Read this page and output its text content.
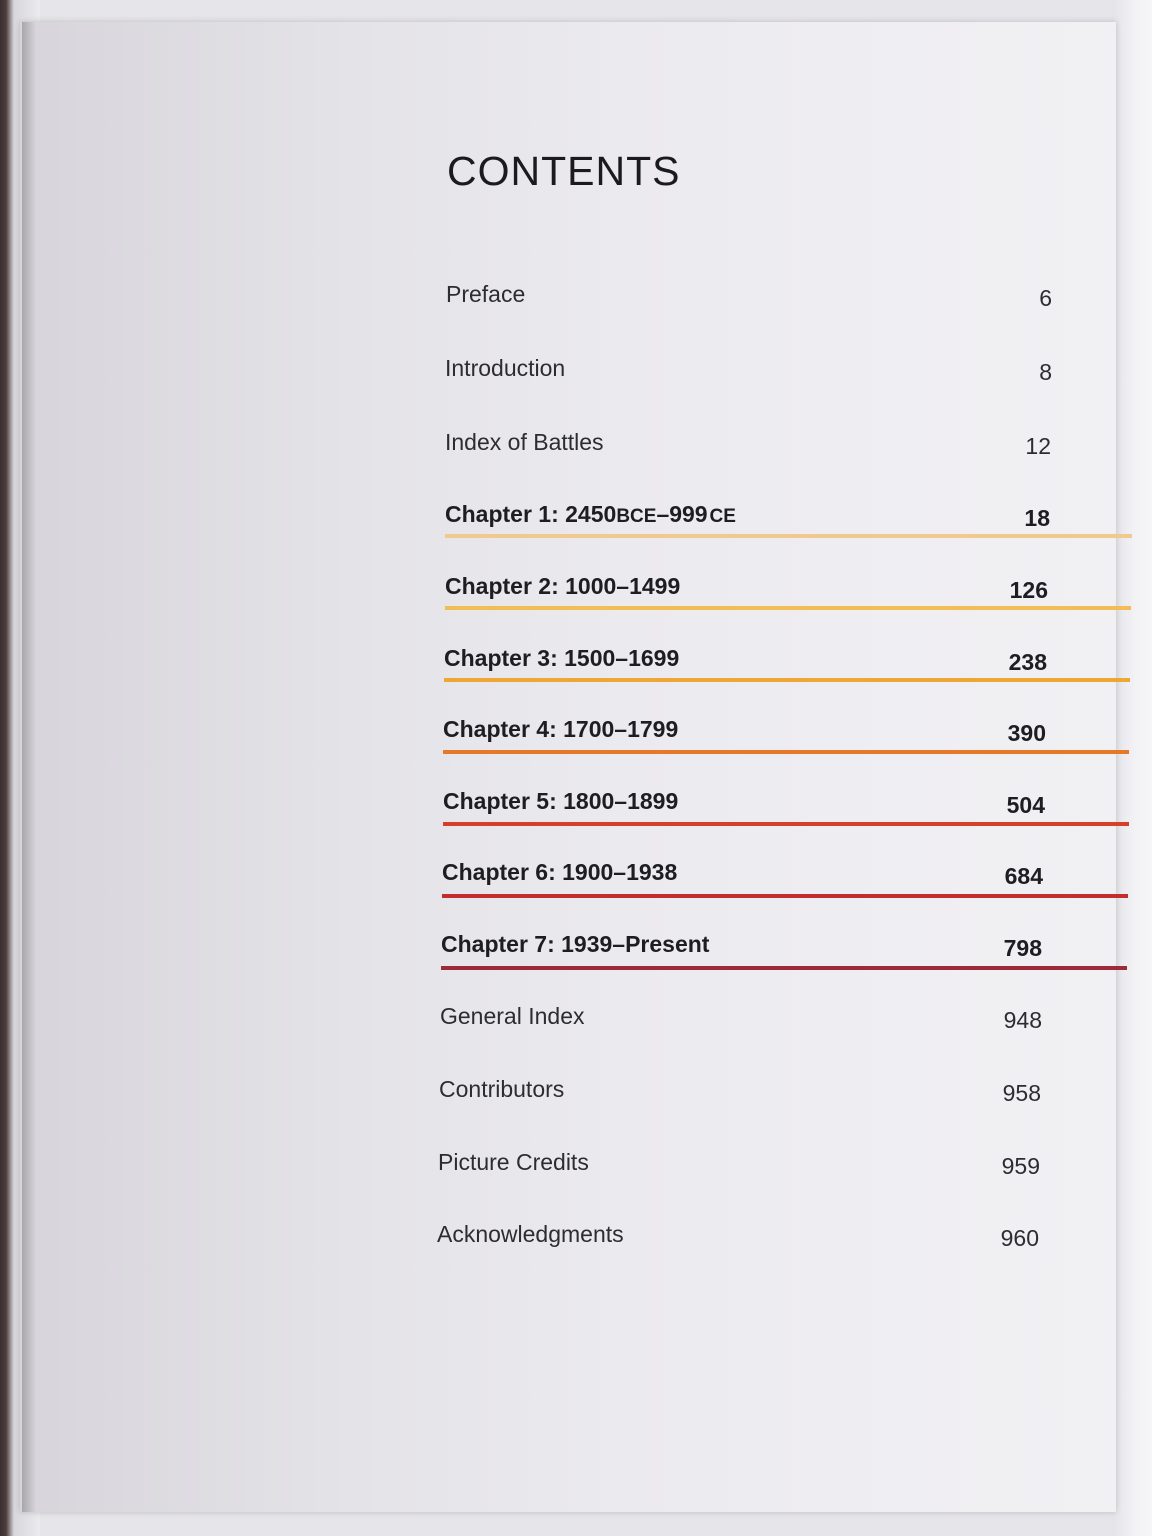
CONTENTS
Preface	6
Introduction	8
Index of Battles	12
Chapter 1: 2450BCE–999  CE	18
Chapter 2: 1000–1499	126
Chapter 3: 1500–1699	238
Chapter 4: 1700–1799	390
Chapter 5: 1800–1899	504
Chapter 6: 1900–1938	684
Chapter 7: 1939–Present	798
General Index	948
Contributors	958
Picture Credits	959
Acknowledgments	960
